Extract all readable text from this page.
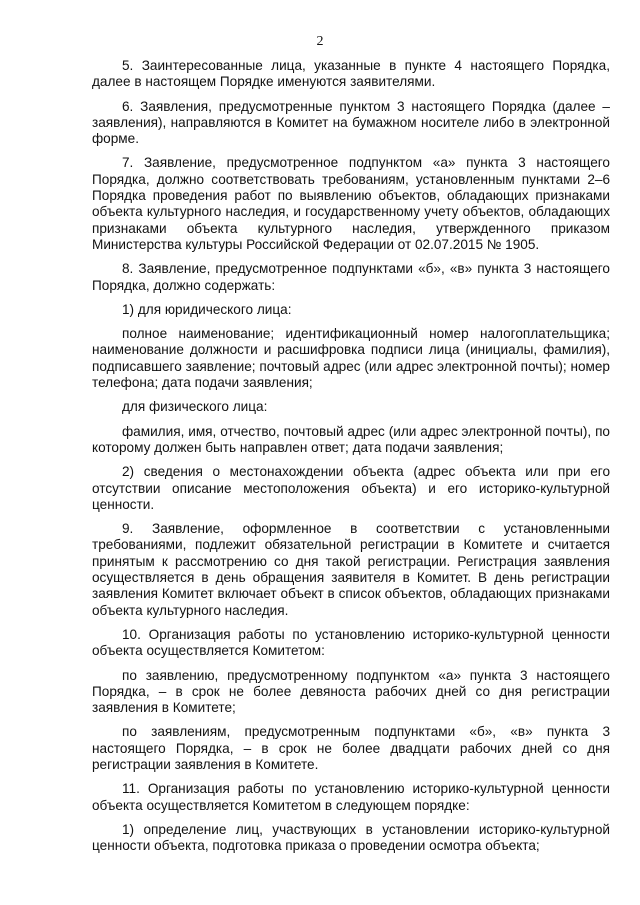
2

5. Заинтересованные лица, указанные в пункте 4 настоящего Порядка, далее в настоящем Порядке именуются заявителями.

6. Заявления, предусмотренные пунктом 3 настоящего Порядка (далее – заявления), направляются в Комитет на бумажном носителе либо в электронной форме.

7. Заявление, предусмотренное подпунктом «а» пункта 3 настоящего Порядка, должно соответствовать требованиям, установленным пунктами 2–6 Порядка проведения работ по выявлению объектов, обладающих признаками объекта культурного наследия, и государственному учету объектов, обладающих признаками объекта культурного наследия, утвержденного приказом Министерства культуры Российской Федерации от 02.07.2015 № 1905.

8. Заявление, предусмотренное подпунктами «б», «в» пункта 3 настоящего Порядка, должно содержать:

1) для юридического лица:

полное наименование; идентификационный номер налогоплательщика; наименование должности и расшифровка подписи лица (инициалы, фамилия), подписавшего заявление; почтовый адрес (или адрес электронной почты); номер телефона; дата подачи заявления;

для физического лица:

фамилия, имя, отчество, почтовый адрес (или адрес электронной почты), по которому должен быть направлен ответ; дата подачи заявления;

2) сведения о местонахождении объекта (адрес объекта или при его отсутствии описание местоположения объекта) и его историко-культурной ценности.

9. Заявление, оформленное в соответствии с установленными требованиями, подлежит обязательной регистрации в Комитете и считается принятым к рассмотрению со дня такой регистрации. Регистрация заявления осуществляется в день обращения заявителя в Комитет. В день регистрации заявления Комитет включает объект в список объектов, обладающих признаками объекта культурного наследия.

10. Организация работы по установлению историко-культурной ценности объекта осуществляется Комитетом:

по заявлению, предусмотренному подпунктом «а» пункта 3 настоящего Порядка, – в срок не более девяноста рабочих дней со дня регистрации заявления в Комитете;

по заявлениям, предусмотренным подпунктами «б», «в» пункта 3 настоящего Порядка, – в срок не более двадцати рабочих дней со дня регистрации заявления в Комитете.

11. Организация работы по установлению историко-культурной ценности объекта осуществляется Комитетом в следующем порядке:

1) определение лиц, участвующих в установлении историко-культурной ценности объекта, подготовка приказа о проведении осмотра объекта;
